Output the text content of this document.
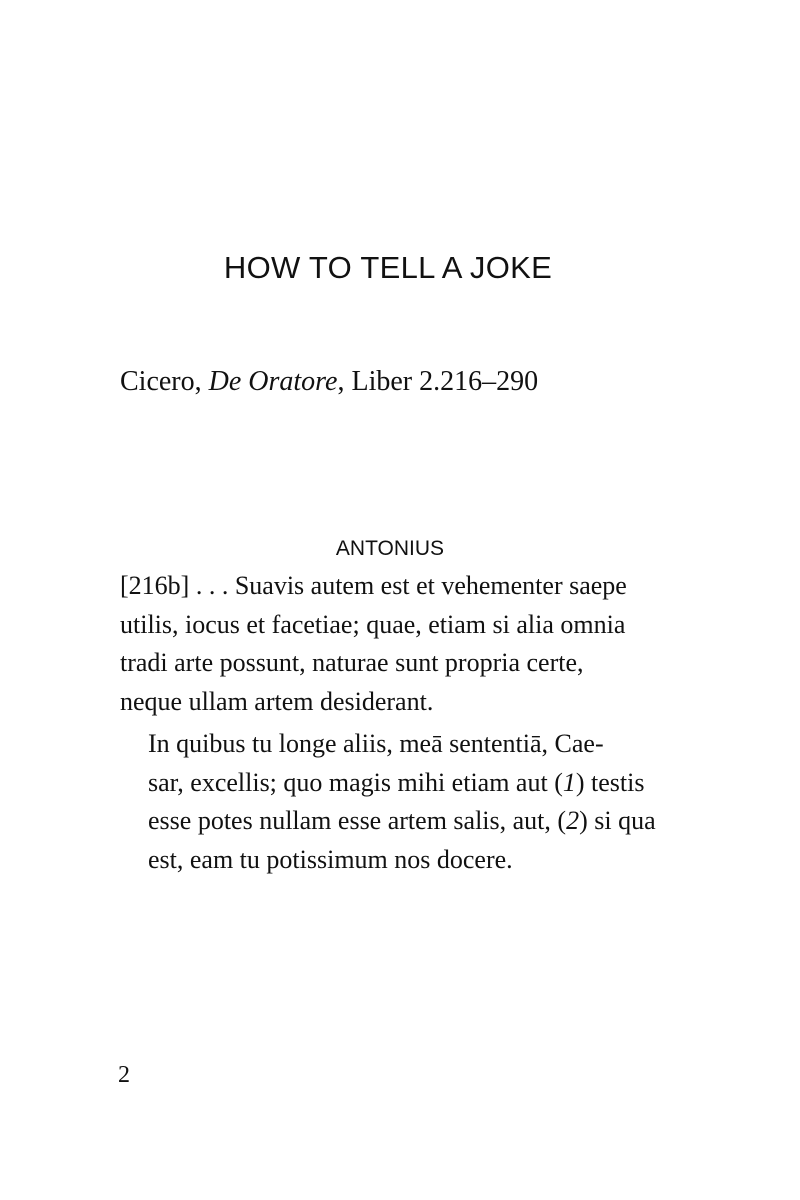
HOW TO TELL A JOKE

Cicero, De Oratore, Liber 2.216–290

ANTONIUS

[216b] . . . Suavis autem est et vehementer saepe
utilis, iocus et facetiae; quae, etiam si alia omnia
tradi arte possunt, naturae sunt propria certe,
neque ullam artem desiderant.

In quibus tu longe aliis, meā sententiā, Cae-
sar, excellis; quo magis mihi etiam aut (1) testis
esse potes nullam esse artem salis, aut, (2) si qua
est, eam tu potissimum nos docere.

2
